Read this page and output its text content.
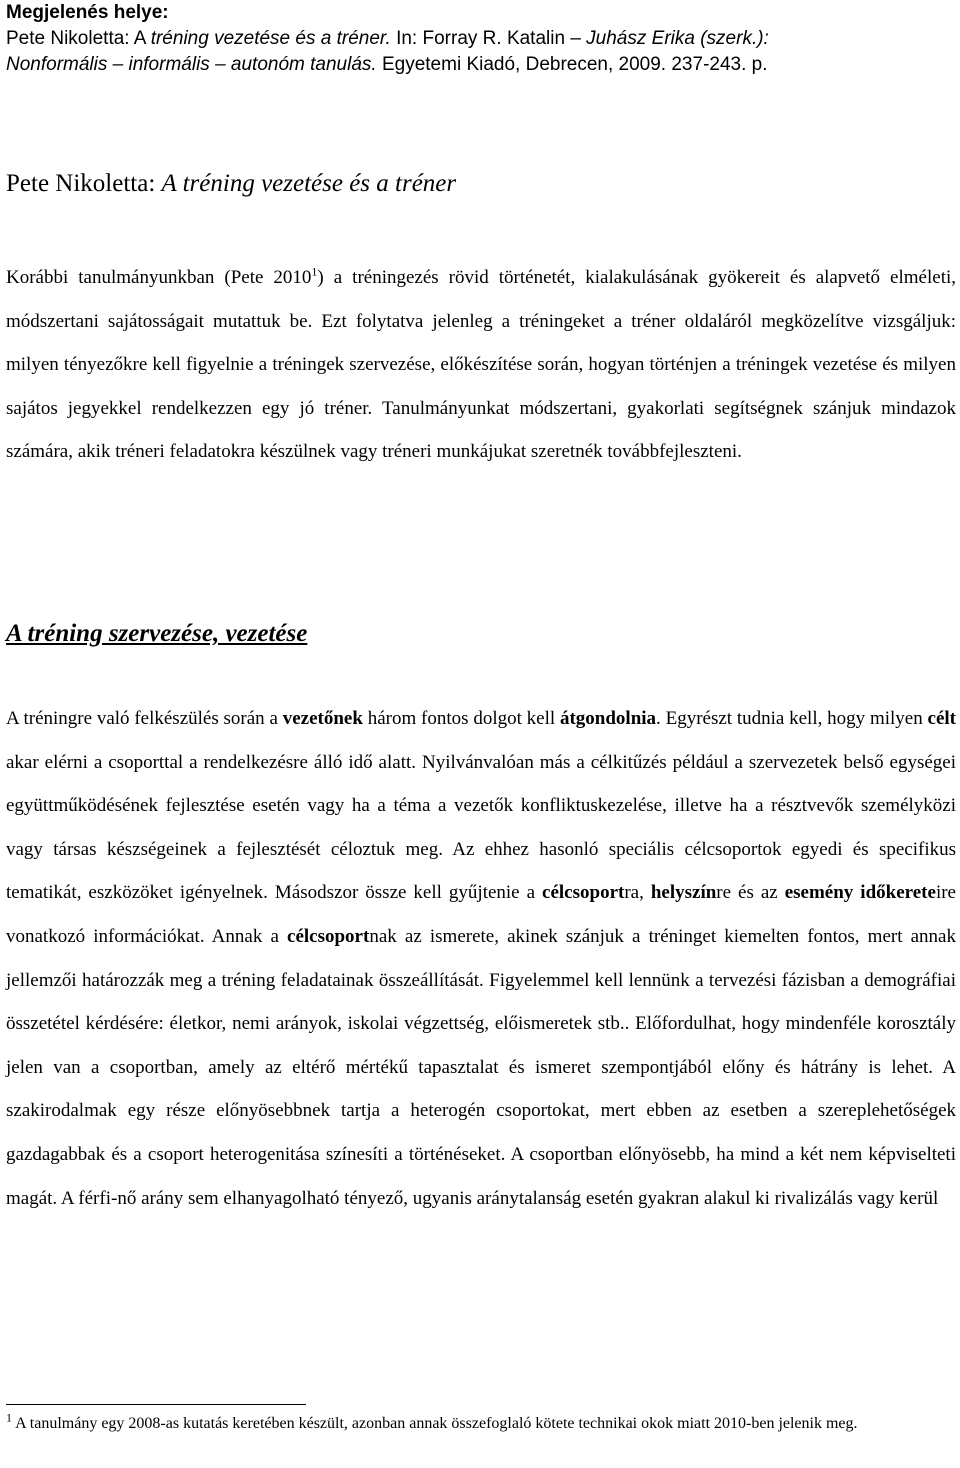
Megjelenés helye:
Pete Nikoletta: A tréning vezetése és a tréner. In: Forray R. Katalin – Juhász Erika (szerk.):
Nonformális – informális – autonóm tanulás. Egyetemi Kiadó, Debrecen, 2009. 237-243. p.
Pete Nikoletta: A tréning vezetése és a tréner

Korábbi tanulmányunkban (Pete 2010$^1$) a tréningezés rövid történetét, kialakulásának gyökereit és alapvető elméleti, módszertani sajátosságait mutattuk be. Ezt folytatva jelenleg a tréningeket a tréner oldaláról megközelítve vizsgáljuk: milyen tényezőkre kell figyelnie a tréningek szervezése, előkészítése során, hogyan történjen a tréningek vezetése és milyen sajátos jegyekkel rendelkezzen egy jó tréner. Tanulmányunkat módszertani, gyakorlati segítségnek szánjuk mindazok számára, akik tréneri feladatokra készülnek vagy tréneri munkájukat szeretnék továbbfejleszteni.

A tréning szervezése, vezetése

A tréningre való felkészülés során a vezetőnek három fontos dolgot kell átgondolnia. Egyrészt tudnia kell, hogy milyen célt akar elérni a csoporttal a rendelkezésre álló idő alatt. Nyilvánvalóan más a célkitűzés például a szervezetek belső egységei együttműködésének fejlesztése esetén vagy ha a téma a vezetők konfliktuskezelése, illetve ha a résztvevők személyközi vagy társas készségeinek a fejlesztését céloztuk meg. Az ehhez hasonló speciális célcsoportok egyedi és specifikus tematikát, eszközöket igényelnek. Másodszor össze kell gyűjtenie a célcsoportra, helyszínre és az esemény időkereteire vonatkozó információkat. Annak a célcsoportnak az ismerete, akinek szánjuk a tréninget kiemelten fontos, mert annak jellemzői határozzák meg a tréning feladatainak összeállítását. Figyelemmel kell lennünk a tervezési fázisban a demográfiai összetétel kérdésére: életkor, nemi arányok, iskolai végzettség, előismeretek stb.. Előfordulhat, hogy mindenféle korosztály jelen van a csoportban, amely az eltérő mértékű tapasztalat és ismeret szempontjából előny és hátrány is lehet. A szakirodalmak egy része előnyösebbnek tartja a heterogén csoportokat, mert ebben az esetben a szereplehetőségek gazdagabbak és a csoport heterogenitása színesíti a történéseket. A csoportban előnyösebb, ha mind a két nem képviselteti magát. A férfi-nő arány sem elhanyagolható tényező, ugyanis aránytalanság esetén gyakran alakul ki rivalizálás vagy kerül

$^1$ A tanulmány egy 2008-as kutatás keretében készült, azonban annak összefoglaló kötete technikai okok miatt 2010-ben jelenik meg.
